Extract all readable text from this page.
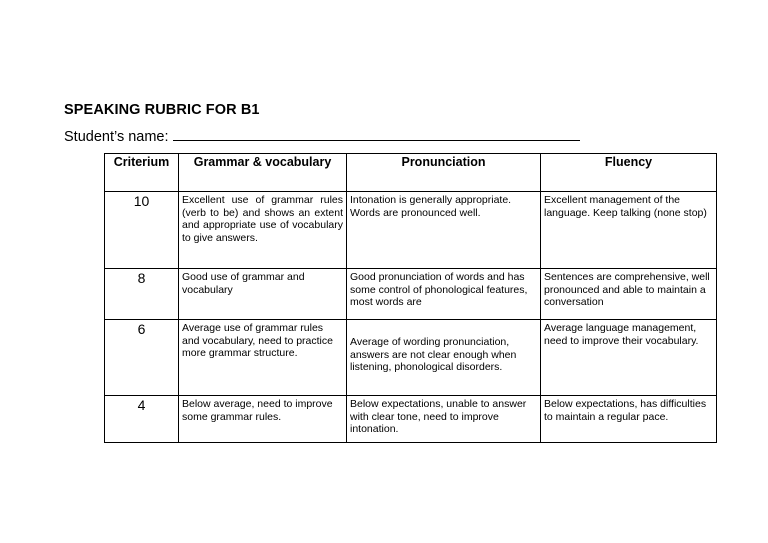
SPEAKING RUBRIC FOR B1
Student’s name:
Criterium	Grammar & vocabulary	Pronunciation	Fluency

10	Excellent use of grammar rules (verb to be) and shows an extent and appropriate use of vocabulary to give answers.	Intonation is generally appropriate. Words are pronounced well.	Excellent management of the language. Keep talking (none stop)

8	Good use of grammar and vocabulary	Good pronunciation of words and has some control of phonological features, most words are	Sentences are comprehensive, well pronounced and able to maintain a conversation

6	Average use of grammar rules and vocabulary, need to practice more grammar structure.	Average of wording pronunciation, answers are not clear enough when listening, phonological disorders.	Average language management, need to improve their vocabulary.

4	Below average, need to improve some grammar rules.	Below expectations, unable to answer with clear tone, need to improve intonation.	Below expectations, has difficulties to maintain a regular pace.
